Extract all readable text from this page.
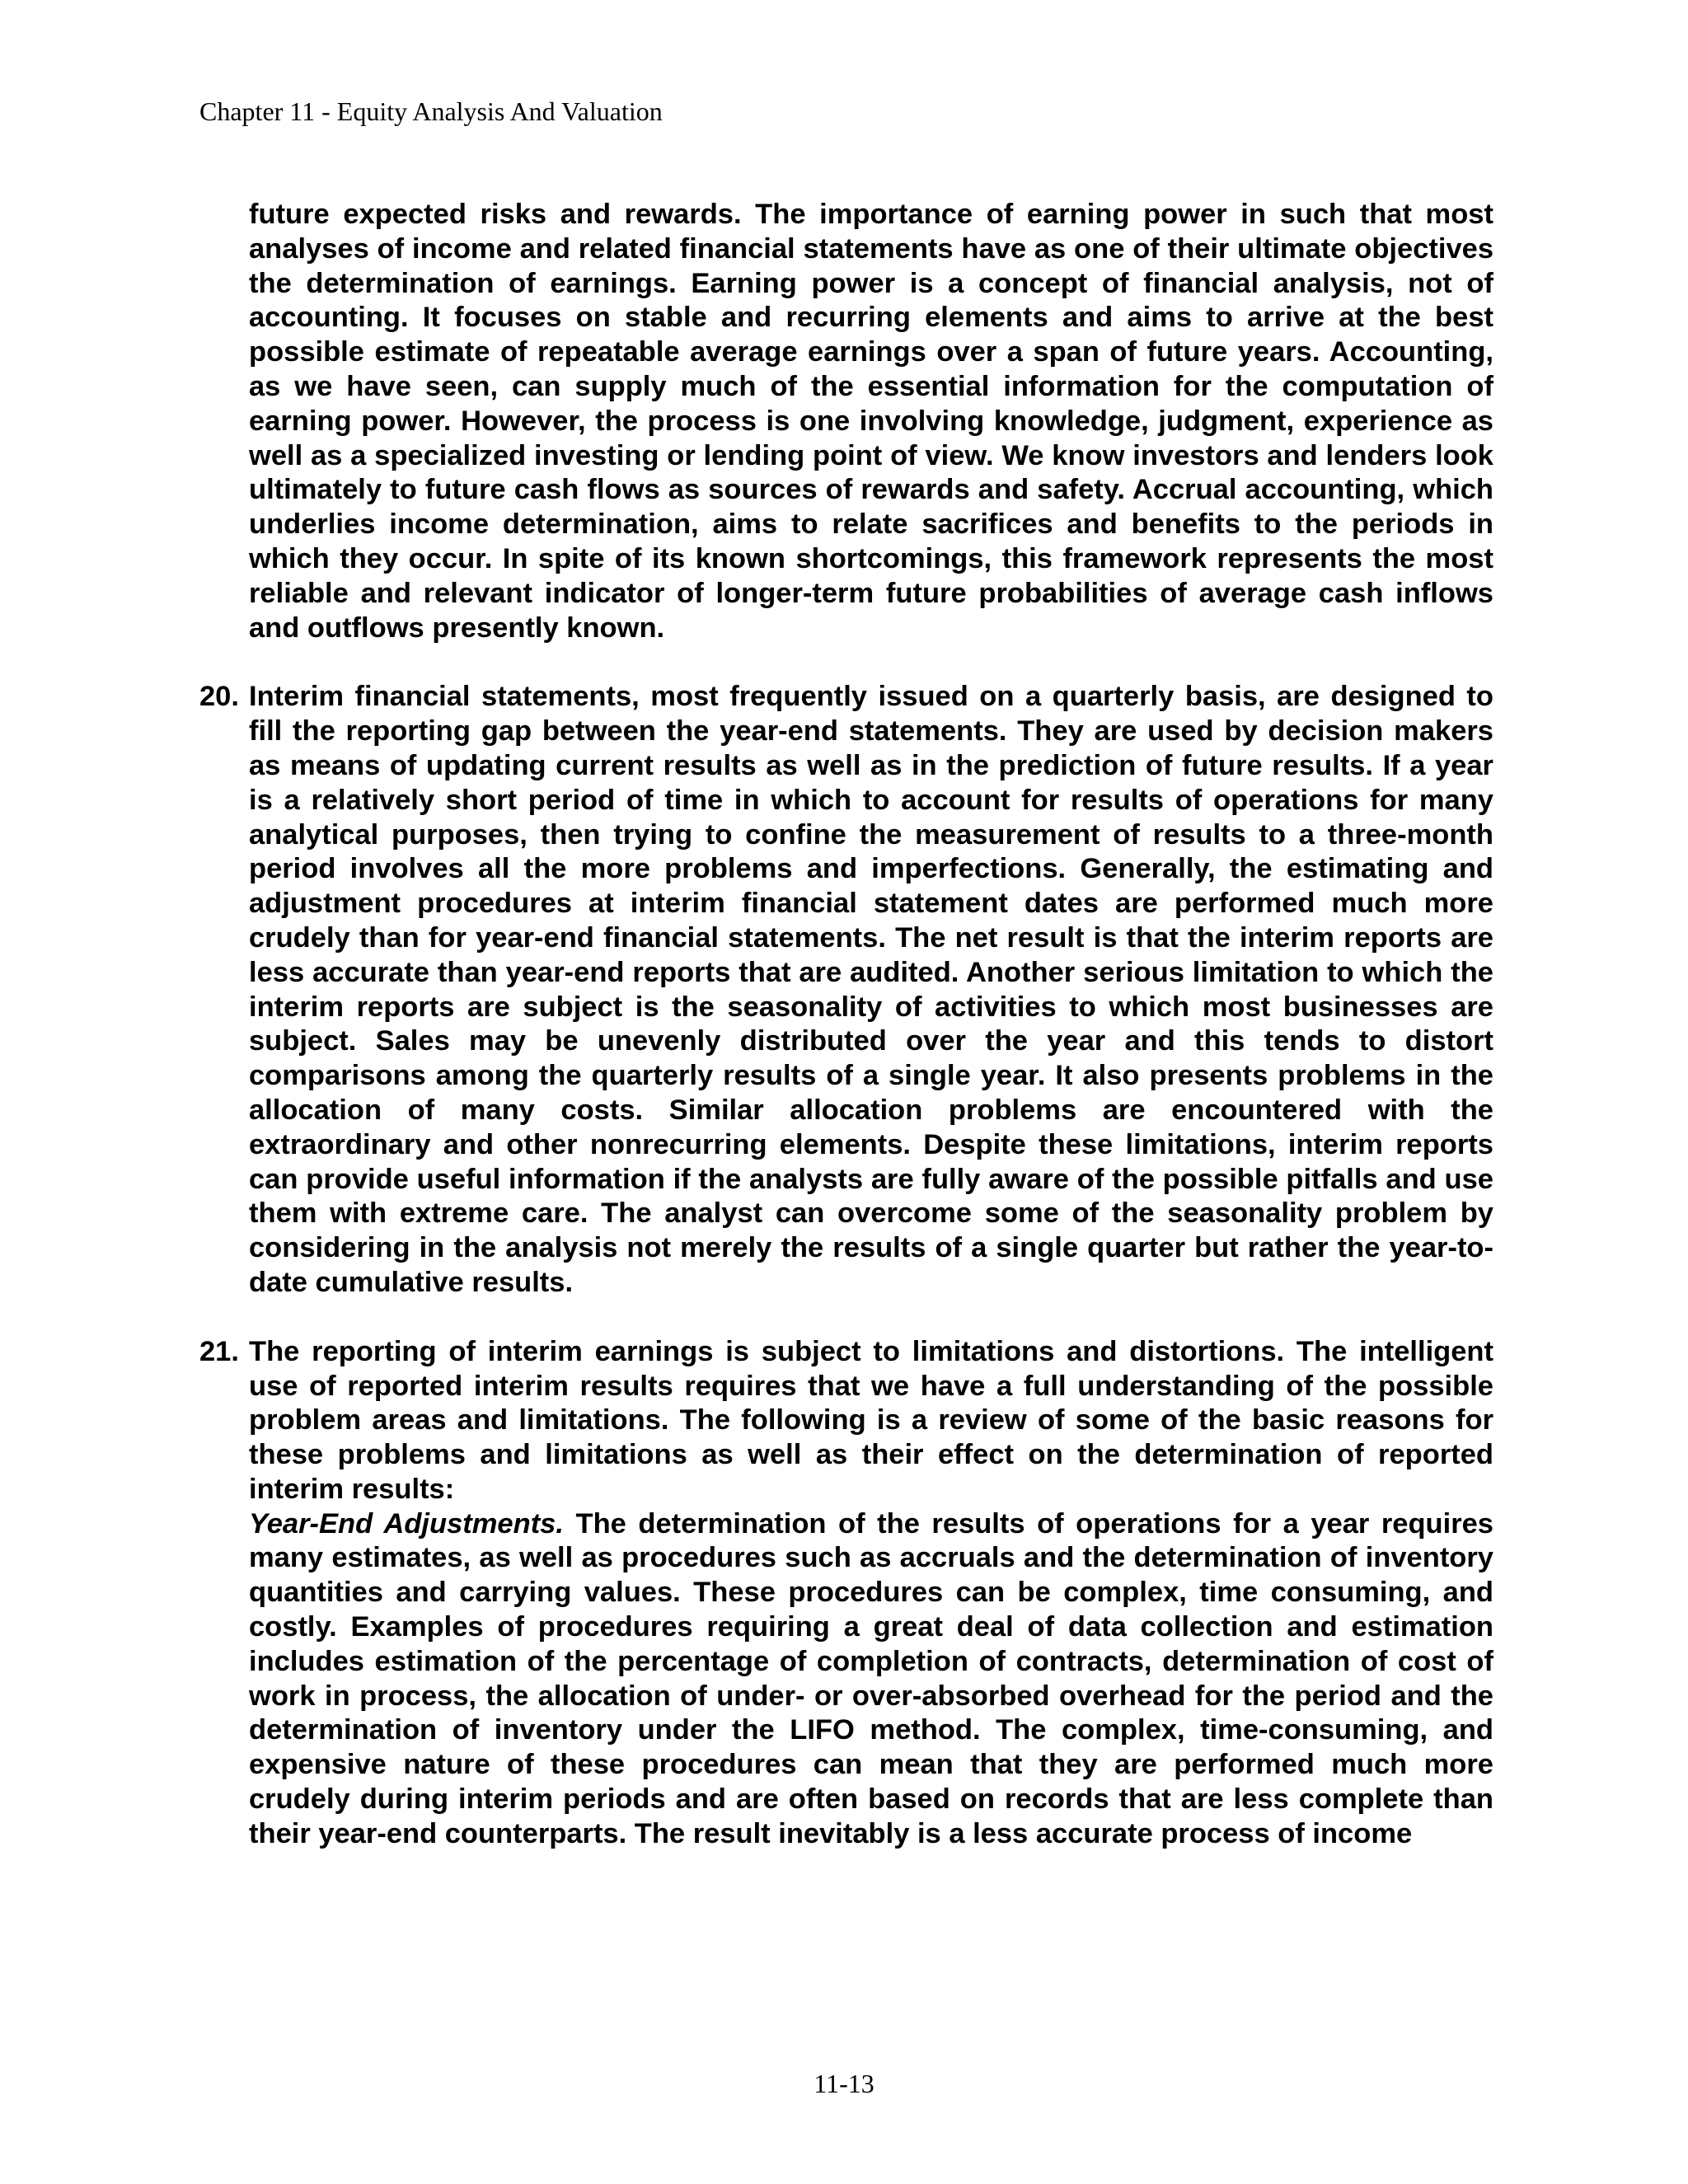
Chapter 11 - Equity Analysis And Valuation

future expected risks and rewards. The importance of earning power in such that most analyses of income and related financial statements have as one of their ultimate objectives the determination of earnings. Earning power is a concept of financial analysis, not of accounting. It focuses on stable and recurring elements and aims to arrive at the best possible estimate of repeatable average earnings over a span of future years. Accounting, as we have seen, can supply much of the essential information for the computation of earning power. However, the process is one involving knowledge, judgment, experience as well as a specialized investing or lending point of view. We know investors and lenders look ultimately to future cash flows as sources of rewards and safety. Accrual accounting, which underlies income determination, aims to relate sacrifices and benefits to the periods in which they occur. In spite of its known shortcomings, this framework represents the most reliable and relevant indicator of longer-term future probabilities of average cash inflows and outflows presently known.

20. Interim financial statements, most frequently issued on a quarterly basis, are designed to fill the reporting gap between the year-end statements. They are used by decision makers as means of updating current results as well as in the prediction of future results. If a year is a relatively short period of time in which to account for results of operations for many analytical purposes, then trying to confine the measurement of results to a three-month period involves all the more problems and imperfections. Generally, the estimating and adjustment procedures at interim financial statement dates are performed much more crudely than for year-end financial statements. The net result is that the interim reports are less accurate than year-end reports that are audited. Another serious limitation to which the interim reports are subject is the seasonality of activities to which most businesses are subject. Sales may be unevenly distributed over the year and this tends to distort comparisons among the quarterly results of a single year. It also presents problems in the allocation of many costs. Similar allocation problems are encountered with the extraordinary and other nonrecurring elements. Despite these limitations, interim reports can provide useful information if the analysts are fully aware of the possible pitfalls and use them with extreme care. The analyst can overcome some of the seasonality problem by considering in the analysis not merely the results of a single quarter but rather the year-to-date cumulative results.

21. The reporting of interim earnings is subject to limitations and distortions. The intelligent use of reported interim results requires that we have a full understanding of the possible problem areas and limitations. The following is a review of some of the basic reasons for these problems and limitations as well as their effect on the determination of reported interim results:

Year-End Adjustments. The determination of the results of operations for a year requires many estimates, as well as procedures such as accruals and the determination of inventory quantities and carrying values. These procedures can be complex, time consuming, and costly. Examples of procedures requiring a great deal of data collection and estimation includes estimation of the percentage of completion of contracts, determination of cost of work in process, the allocation of under- or over-absorbed overhead for the period and the determination of inventory under the LIFO method. The complex, time-consuming, and expensive nature of these procedures can mean that they are performed much more crudely during interim periods and are often based on records that are less complete than their year-end counterparts. The result inevitably is a less accurate process of income

11-13
